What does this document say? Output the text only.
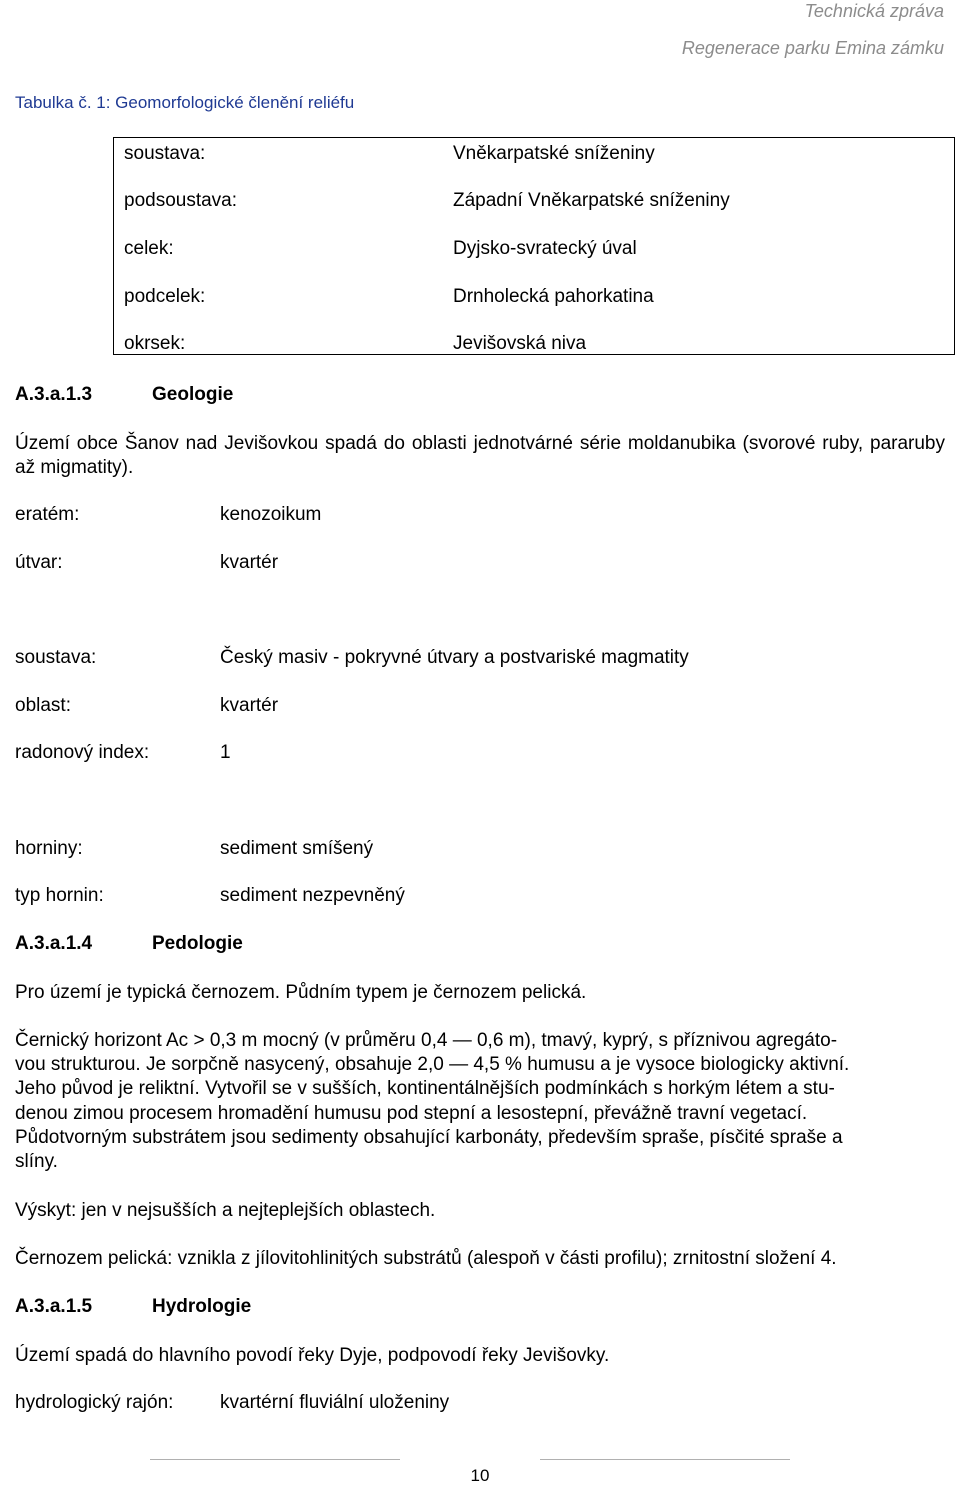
Technická zpráva
Regenerace parku Emina zámku
Tabulka č. 1: Geomorfologické členění reliéfu
soustava:	Vněkarpatské sníženiny
podsoustava:	Západní Vněkarpatské sníženiny
celek:	Dyjsko-svratecký úval
podcelek:	Drnholecká pahorkatina
okrsek:	Jevišovská niva
A.3.a.1.3	Geologie
Území obce Šanov nad Jevišovkou spadá do oblasti jednotvárné série moldanubika (svorové ruby, pararuby až migmatity).
eratém:	kenozoikum
útvar:	kvartér
soustava:	Český masiv - pokryvné útvary a postvariské magmatity
oblast:	kvartér
radonový index:	1
horniny:	sediment smíšený
typ hornin:	sediment nezpevněný
A.3.a.1.4	Pedologie
Pro území je typická černozem. Půdním typem je černozem pelická.
Černický horizont Ac > 0,3 m mocný (v průměru 0,4 — 0,6 m), tmavý, kyprý, s příznivou agregáto-
vou strukturou. Je sorpčně nasycený, obsahuje 2,0 — 4,5 % humusu a je vysoce biologicky aktivní.
Jeho původ je reliktní. Vytvořil se v sušších, kontinentálnějších podmínkách s horkým létem a stu-
denou zimou procesem hromadění humusu pod stepní a lesostepní, převážně travní vegetací.
Půdotvorným substrátem jsou sedimenty obsahující karbonáty, především spraše, písčité spraše a
slíny.
Výskyt: jen v nejsušších a nejteplejších oblastech.
Černozem pelická: vznikla z jílovitohlinitých substrátů (alespoň v části profilu); zrnitostní složení 4.
A.3.a.1.5	Hydrologie
Území spadá do hlavního povodí řeky Dyje, podpovodí řeky Jevišovky.
hydrologický rajón: kvartérní fluviální uloženiny
10
